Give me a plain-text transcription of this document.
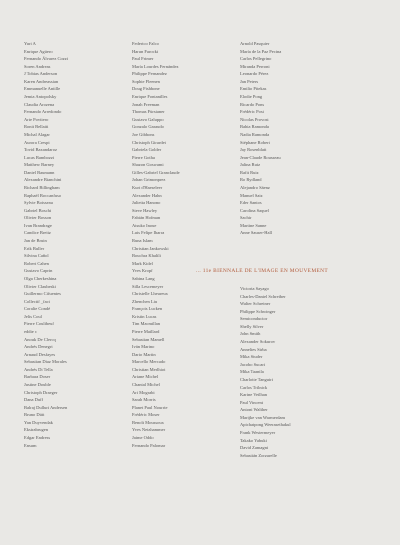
Yuri A
Enrique Agüero
Fernando Álvarez Cozzi
Soren Andreas
J Tobias Anderson
Karen Andreassian
Emmanuelle Antille
Jemia Antopolsky
Claudia Arozena
Fernando Arredondo
Arte Povtiero
Ronit Bellaiti
Michal Alagar
Aurora Crespi
Tovid Baxandaroz
Lucas Bambozzi
Matthew Barney
Daniel Baumann
Alexandre Bianchini
Richard Billingham
Raphaël Boccanfuso
Sylvie Boisseau
Gabriel Boschi
Olivier Bosson
Ivan Brandrage
Candice Breitz
Jan de Bruin
Erik Buller
Silvina Cañol
Robert Cahen
Gustavo Caprin
Olga Cherkeshina
Olivier Claubeski
Guillermo Cifuentes
Collectif _fact
Coralie Condé
Jelis Coul
Pierre Coulibeuf
eddie c
Anouk De Clercq
Andrés Denegri
Arnaud Desfayes
Sebastian Diaz Morales
Andrés Di Tella
Barbara Doser
Justine Double
Christoph Draeger
Dana Duff
Balraj Dulluri Andersen
Bruno Dütt
Yan Duyvendak
Ekstrabrugen
Edgar Endress
Ensum
Federico Falco
Harun Farocki
Paul Frimer
María Lourdes Fernández
Philippe Fernandez
Sophie Fleenen
Doug Fishbone
Enrique Fontanilles
Jonah Freeman
Thomas Fürstaner
Gustavo Galuppo
Gonzalo Garaudo
Joe Gibbons
Christoph Girardet
Gabriela Golder
Pierre Gotha
Shazon Goswami
Gilles-Gabriel Granclaude
Johan Grimonprez
Kurt d'Haeseleer
Alexander Hahn
Julietta Hanono
Steve Hawley
Fabián Hofman
Atsuko Inoue
Luis Felipe Ibarra
Runa Islam
Christian Jankowski
Bouchra Khalili
Mark Kidel
Yves Kropf
Sabina Lang
Silla Lescemeyer
Christelle Lheureux
Zhenchen Liu
François Lucken
Kristin Lucas
Tim Macmillan
Pierre Maillard
Sebastian Mamell
Iván Marino
Dario Martin
Marcello Mercado
Christian Merlhiot
Ariane Michel
Chantal Michel
Ari Mograbi
Sarah Morris
Planet Paul Nourrie
Frédéric Moser
Benoît Moussoux
Yves Netzhammer
Jaime Oddo
Fernando Palomar
Arnold Pasquier
María de la Paz Pecina
Carlos Pellegrino
Miranda Perroni
Leonardo Pérez
Jan Peters
Emilio Pitekas
Elodie Pong
Ricardo Pons
Frédéric Post
Nicolas Provost
Bahia Ramonda
Nadia Ramonda
Stéphane Robert
Jay Rosenblatt
Jean-Claude Rousseau
Jalina Ruiz
Rafit Ruiz
Ro Rydland
Alejandro Sáenz
Manuel Saiz
Eder Santos
Carolina Saquel
Sachir
Martine Sanne
Anne Sauser-Hall
... 11e BIENNALE DE L'IMAGE EN MOUVEMENT
Victoria Sayago
Charles-Daniel Schreiber
Walter Schreiner
Philippe Schwinger
Semiconductor
Shelly Silver
John Smith
Alexander Sokurov
Annelies Strba
Mika Studer
Jacobo Sucari
Mika Taanila
Charlotte Tanguiri
Carlos Trilnick
Karine Veilhan
Paul Vincent
Antoni Walther
Marijke van Warmerdam
Apichatpong Weerasethakul
Frank Westermeyer
Takako Yabuki
David Zamagni
Sebastián Zorzarelle
